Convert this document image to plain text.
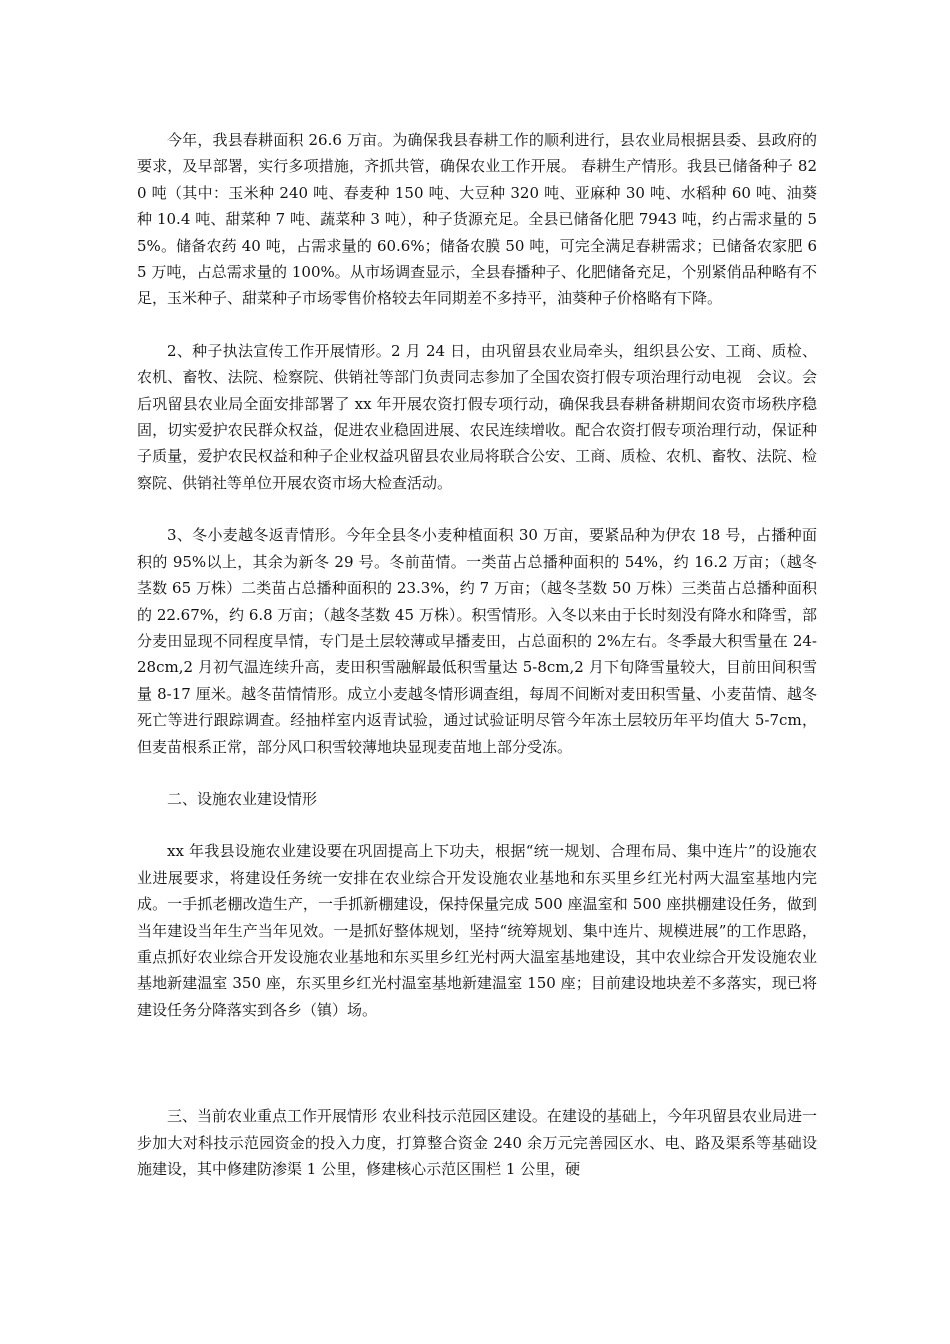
今年，我县春耕面积 26.6 万亩。为确保我县春耕工作的顺利进行，县农业局根据县委、县政府的要求，及早部署，实行多项措施，齐抓共管，确保农业工作开展。 春耕生产情形。我县已储备种子 820 吨（其中：玉米种 240 吨、春麦种 150 吨、大豆种 320 吨、亚麻种 30 吨、水稻种 60 吨、油葵种 10.4 吨、甜菜种 7 吨、蔬菜种 3 吨），种子货源充足。全县已储备化肥 7943 吨，约占需求量的 55%。储备农药 40 吨，占需求量的 60.6%；储备农膜 50 吨，可完全满足春耕需求；已储备农家肥 65 万吨，占总需求量的 100%。从市场调查显示，全县春播种子、化肥储备充足，个别紧俏品种略有不足，玉米种子、甜菜种子市场零售价格较去年同期差不多持平，油葵种子价格略有下降。

2、种子执法宣传工作开展情形。2 月 24 日，由巩留县农业局牵头，组织县公安、工商、质检、农机、畜牧、法院、检察院、供销社等部门负责同志参加了全国农资打假专项治理行动电视　会议。会后巩留县农业局全面安排部署了 xx 年开展农资打假专项行动，确保我县春耕备耕期间农资市场秩序稳固，切实爱护农民群众权益，促进农业稳固进展、农民连续增收。配合农资打假专项治理行动，保证种子质量，爱护农民权益和种子企业权益巩留县农业局将联合公安、工商、质检、农机、畜牧、法院、检察院、供销社等单位开展农资市场大检查活动。

3、冬小麦越冬返青情形。今年全县冬小麦种植面积 30 万亩，要紧品种为伊农 18 号，占播种面积的 95%以上，其余为新冬 29 号。冬前苗情。一类苗占总播种面积的 54%，约 16.2 万亩；（越冬茎数 65 万株）二类苗占总播种面积的 23.3%，约 7 万亩；（越冬茎数 50 万株）三类苗占总播种面积的 22.67%，约 6.8 万亩；（越冬茎数 45 万株）。积雪情形。入冬以来由于长时刻没有降水和降雪，部分麦田显现不同程度旱情，专门是土层较薄或早播麦田，占总面积的 2%左右。冬季最大积雪量在 24-28cm,2 月初气温连续升高，麦田积雪融解最低积雪量达 5-8cm,2 月下旬降雪量较大，目前田间积雪量 8-17 厘米。越冬苗情情形。成立小麦越冬情形调查组，每周不间断对麦田积雪量、小麦苗情、越冬死亡等进行跟踪调查。经抽样室内返青试验，通过试验证明尽管今年冻土层较历年平均值大 5-7cm，但麦苗根系正常，部分风口积雪较薄地块显现麦苗地上部分受冻。

二、设施农业建设情形

xx 年我县设施农业建设要在巩固提高上下功夫，根据“统一规划、合理布局、集中连片”的设施农业进展要求，将建设任务统一安排在农业综合开发设施农业基地和东买里乡红光村两大温室基地内完成。一手抓老棚改造生产，一手抓新棚建设，保持保量完成 500 座温室和 500 座拱棚建设任务，做到当年建设当年生产当年见效。一是抓好整体规划，坚持“统筹规划、集中连片、规模进展”的工作思路，重点抓好农业综合开发设施农业基地和东买里乡红光村两大温室基地建设，其中农业综合开发设施农业基地新建温室 350 座，东买里乡红光村温室基地新建温室 150 座；目前建设地块差不多落实，现已将建设任务分降落实到各乡（镇）场。

三、当前农业重点工作开展情形 农业科技示范园区建设。在建设的基础上，今年巩留县农业局进一步加大对科技示范园资金的投入力度，打算整合资金 240 余万元完善园区水、电、路及渠系等基础设施建设，其中修建防渗渠 1 公里，修建核心示范区围栏 1 公里，硬
